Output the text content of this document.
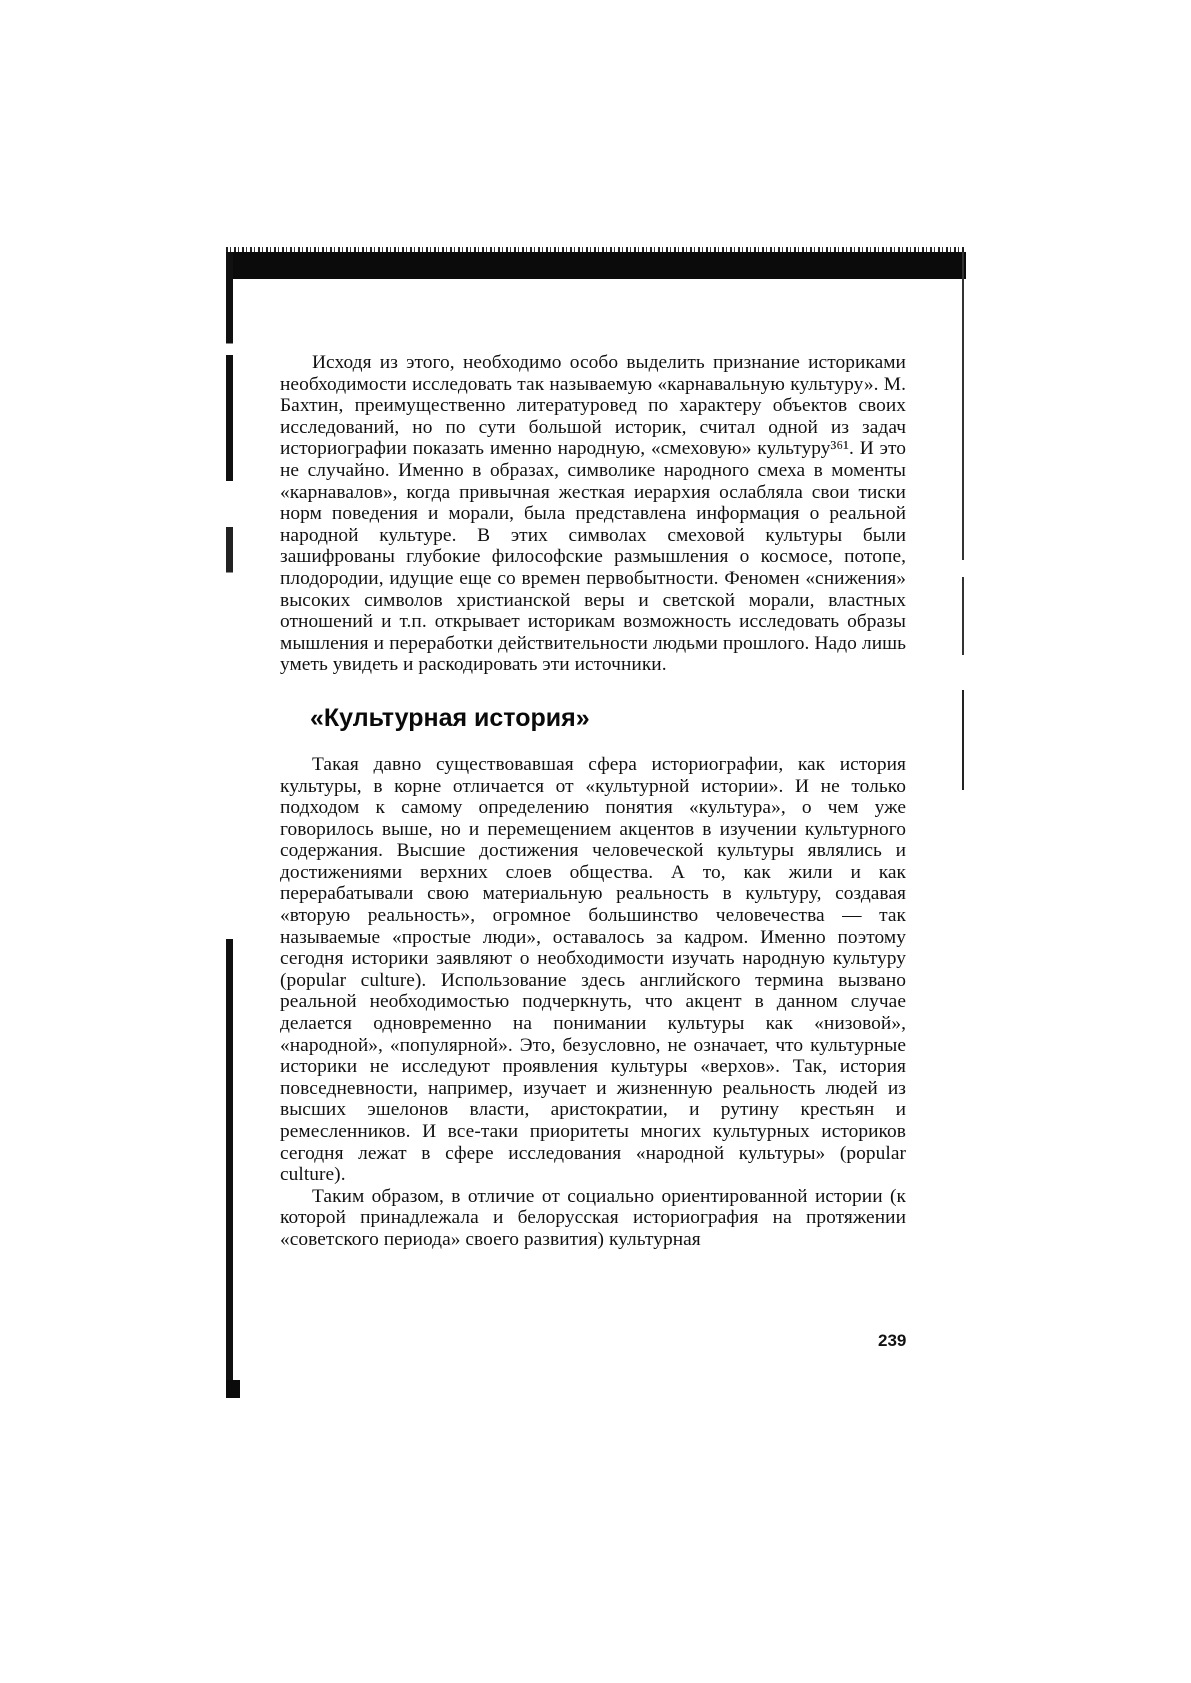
Исходя из этого, необходимо особо выделить признание историками необходимости исследовать так называемую «карнавальную культуру». М. Бахтин, преимущественно литературовед по характеру объектов своих исследований, но по сути большой историк, считал одной из задач историографии показать именно народную, «смеховую» культуру³⁶¹. И это не случайно. Именно в образах, символике народного смеха в моменты «карнавалов», когда привычная жесткая иерархия ослабляла свои тиски норм поведения и морали, была представлена информация о реальной народной культуре. В этих символах смеховой культуры были зашифрованы глубокие философские размышления о космосе, потопе, плодородии, идущие еще со времен первобытности. Феномен «снижения» высоких символов христианской веры и светской морали, властных отношений и т.п. открывает историкам возможность исследовать образы мышления и переработки действительности людьми прошлого. Надо лишь уметь увидеть и раскодировать эти источники.

«Культурная история»

Такая давно существовавшая сфера историографии, как история культуры, в корне отличается от «культурной истории». И не только подходом к самому определению понятия «культура», о чем уже говорилось выше, но и перемещением акцентов в изучении культурного содержания. Высшие достижения человеческой культуры являлись и достижениями верхних слоев общества. А то, как жили и как перерабатывали свою материальную реальность в культуру, создавая «вторую реальность», огромное большинство человечества — так называемые «простые люди», оставалось за кадром. Именно поэтому сегодня историки заявляют о необходимости изучать народную культуру (popular culture). Использование здесь английского термина вызвано реальной необходимостью подчеркнуть, что акцент в данном случае делается одновременно на понимании культуры как «низовой», «народной», «популярной». Это, безусловно, не означает, что культурные историки не исследуют проявления культуры «верхов». Так, история повседневности, например, изучает и жизненную реальность людей из высших эшелонов власти, аристократии, и рутину крестьян и ремесленников. И все-таки приоритеты многих культурных историков сегодня лежат в сфере исследования «народной культуры» (popular culture).

Таким образом, в отличие от социально ориентированной истории (к которой принадлежала и белорусская историография на протяжении «советского периода» своего развития) культурная

239
